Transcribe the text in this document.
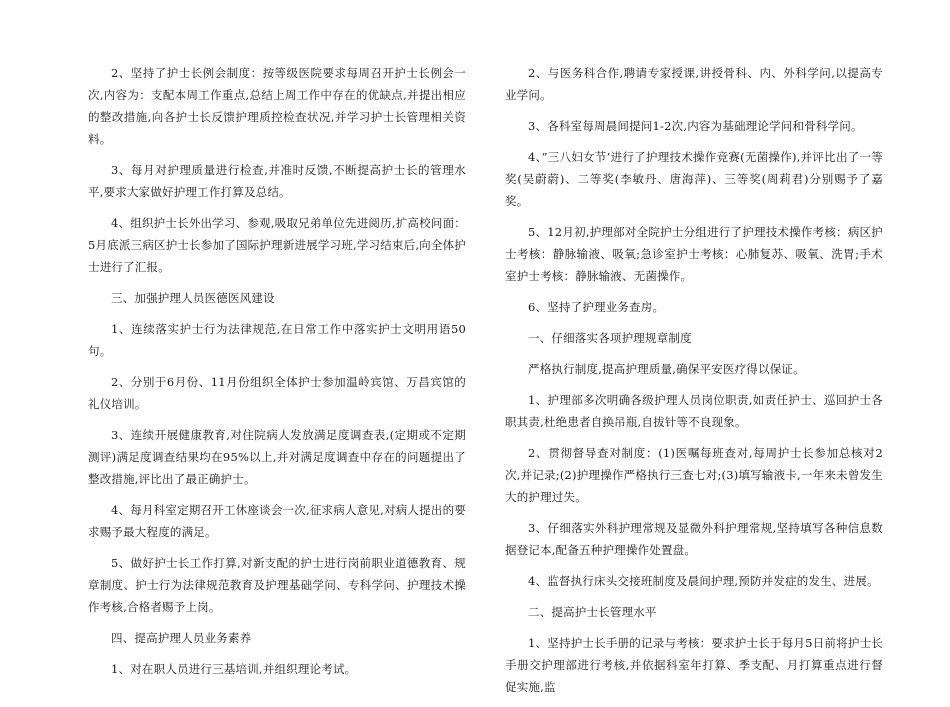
2、坚持了护士长例会制度：按等级医院要求每周召开护士长例会一次,内容为：支配本周工作重点,总结上周工作中存在的优缺点,并提出相应的整改措施,向各护士长反馈护理质控检查状况,并学习护士长管理相关资料。

3、每月对护理质量进行检查,并准时反馈,不断提高护士长的管理水平,要求大家做好护理工作打算及总结。

4、组织护士长外出学习、参观,吸取兄弟单位先进阅历,扩高校问面：5月底派三病区护士长参加了国际护理新进展学习班,学习结束后,向全体护士进行了汇报。

三、加强护理人员医德医风建设

1、连续落实护士行为法律规范,在日常工作中落实护士文明用语50句。

2、分别于6月份、11月份组织全体护士参加温岭宾馆、万昌宾馆的礼仪培训。

3、连续开展健康教育,对住院病人发放满足度调查表,(定期或不定期测评)满足度调查结果均在95%以上,并对满足度调查中存在的问题提出了整改措施,评比出了最正确护士。

4、每月科室定期召开工休座谈会一次,征求病人意见,对病人提出的要求赐予最大程度的满足。

5、做好护士长工作打算,对新支配的护士进行岗前职业道德教育、规章制度、护士行为法律规范教育及护理基础学问、专科学问、护理技术操作考核,合格者赐予上岗。

四、提高护理人员业务素养

1、对在职人员进行三基培训,并组织理论考试。

2、与医务科合作,聘请专家授课,讲授骨科、内、外科学问,以提高专业学问。

3、各科室每周晨间提问1-2次,内容为基础理论学问和骨科学问。

4、”三八妇女节’进行了护理技术操作竞赛(无菌操作),并评比出了一等奖(吴蔚蔚)、二等奖(李敏丹、唐海萍)、三等奖(周莉君)分别赐予了嘉奖。

5、12月初,护理部对全院护士分组进行了护理技术操作考核：病区护士考核：静脉输液、吸氧;急诊室护士考核：心肺复苏、吸氧、洗胃;手术室护士考核：静脉输液、无菌操作。

6、坚持了护理业务查房。

一、仔细落实各项护理规章制度

严格执行制度,提高护理质量,确保平安医疗得以保证。

1、护理部多次明确各级护理人员岗位职责,如责任护士、巡回护士各职其责,杜绝患者自换吊瓶,自拔针等不良现象。

2、贯彻督导查对制度：(1)医嘱每班查对,每周护士长参加总核对2次,并记录;(2)护理操作严格执行三查七对;(3)填写输液卡,一年来未曾发生大的护理过失。

3、仔细落实外科护理常规及显微外科护理常规,坚持填写各种信息数据登记本,配备五种护理操作处置盘。

4、监督执行床头交接班制度及晨间护理,预防并发症的发生、进展。

二、提高护士长管理水平

1、坚持护士长手册的记录与考核：要求护士长于每月5日前将护士长手册交护理部进行考核,并依据科室年打算、季支配、月打算重点进行督促实施,监
